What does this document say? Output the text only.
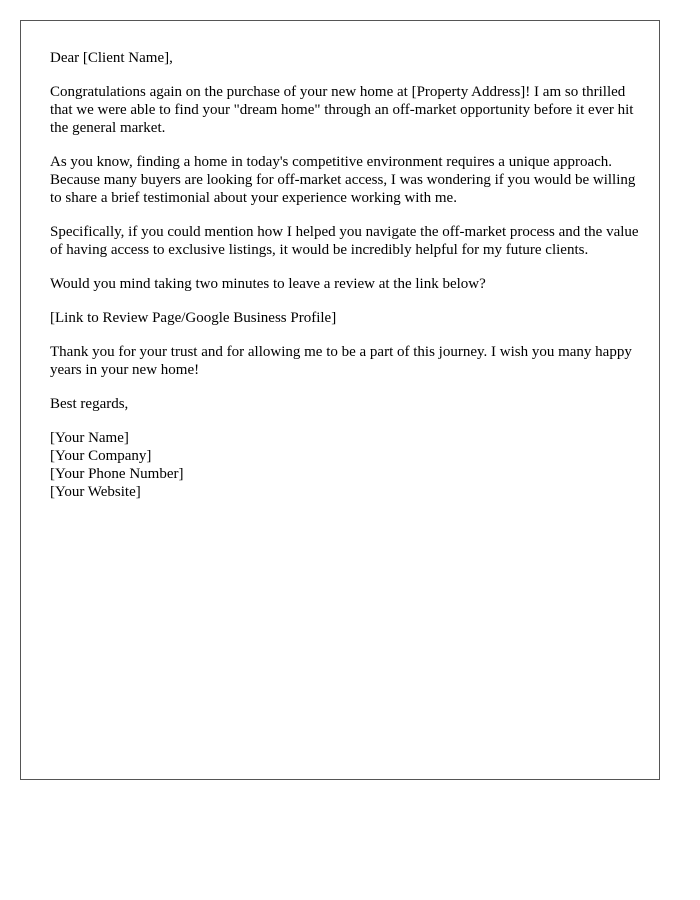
Dear [Client Name],

Congratulations again on the purchase of your new home at [Property Address]! I am so thrilled that we were able to find your "dream home" through an off-market opportunity before it ever hit the general market.

As you know, finding a home in today's competitive environment requires a unique approach. Because many buyers are looking for off-market access, I was wondering if you would be willing to share a brief testimonial about your experience working with me.

Specifically, if you could mention how I helped you navigate the off-market process and the value of having access to exclusive listings, it would be incredibly helpful for my future clients.

Would you mind taking two minutes to leave a review at the link below?

[Link to Review Page/Google Business Profile]

Thank you for your trust and for allowing me to be a part of this journey. I wish you many happy years in your new home!

Best regards,

[Your Name]

[Your Company]

[Your Phone Number]

[Your Website]
